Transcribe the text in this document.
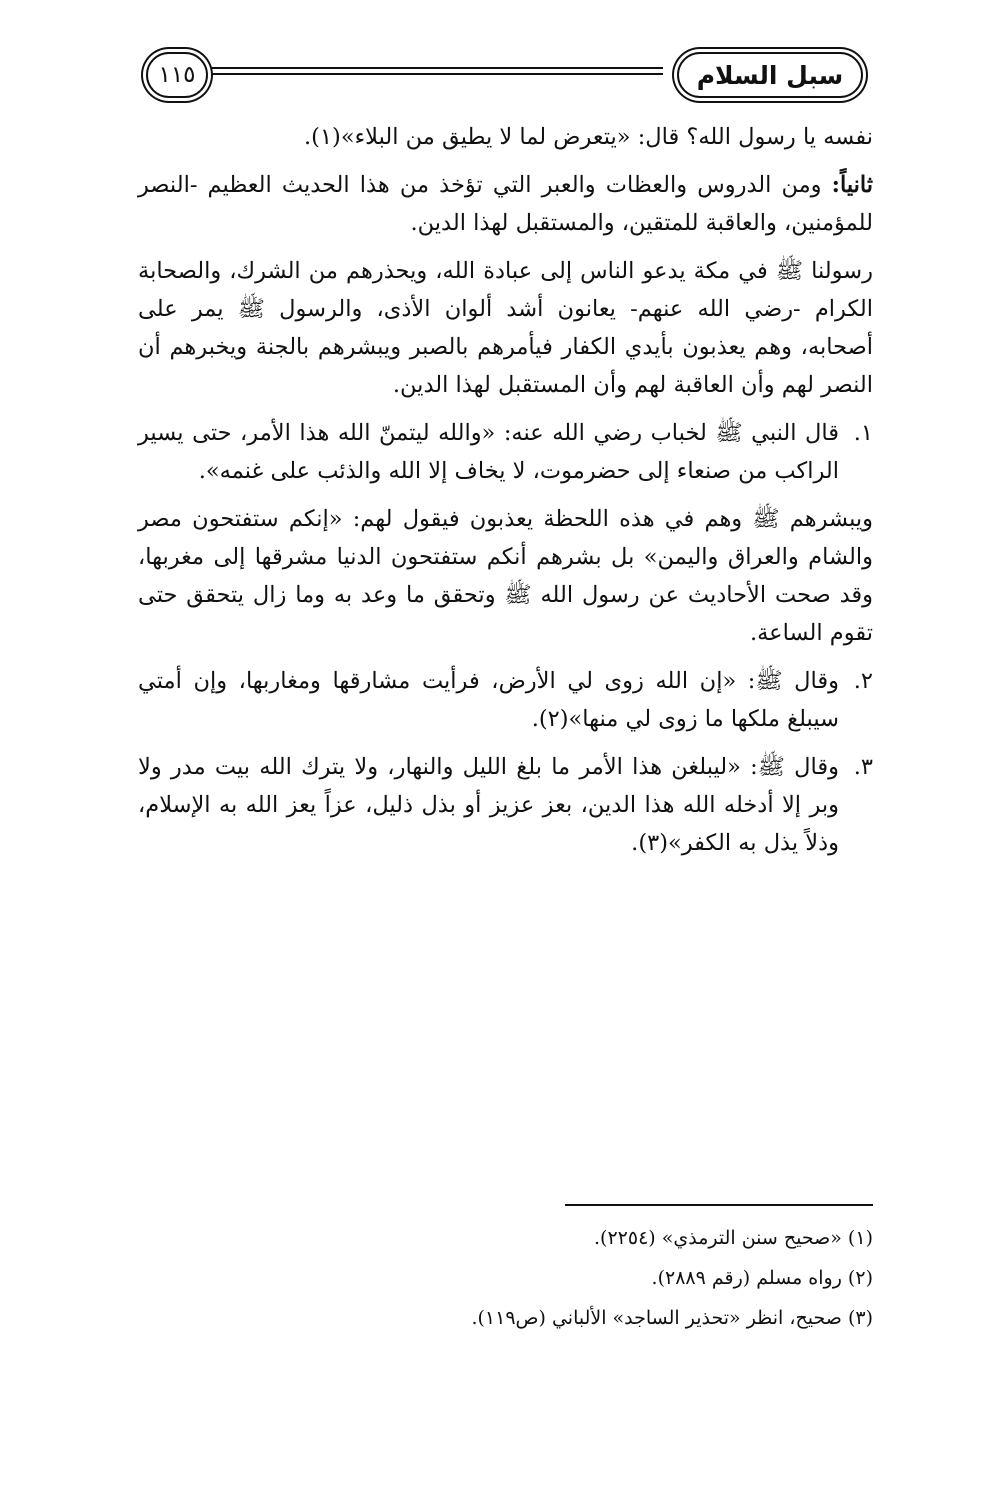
سبل السلام
١١٥

نفسه يا رسول الله؟ قال: «يتعرض لما لا يطيق من البلاء»(١).

ثانياً: ومن الدروس والعظات والعبر التي تؤخذ من هذا الحديث العظيم -النصر للمؤمنين، والعاقبة للمتقين، والمستقبل لهذا الدين.

رسولنا ﷺ في مكة يدعو الناس إلى عبادة الله، ويحذرهم من الشرك، والصحابة الكرام -رضي الله عنهم- يعانون أشد ألوان الأذى، والرسول ﷺ يمر على أصحابه، وهم يعذبون بأيدي الكفار فيأمرهم بالصبر ويبشرهم بالجنة ويخبرهم أن النصر لهم وأن العاقبة لهم وأن المستقبل لهذا الدين.

١.
قال النبي ﷺ لخباب رضي الله عنه: «والله ليتمنّ الله هذا الأمر، حتى يسير الراكب من صنعاء إلى حضرموت، لا يخاف إلا الله والذئب على غنمه».

ويبشرهم ﷺ وهم في هذه اللحظة يعذبون فيقول لهم: «إنكم ستفتحون مصر والشام والعراق واليمن» بل بشرهم أنكم ستفتحون الدنيا مشرقها إلى مغربها، وقد صحت الأحاديث عن رسول الله ﷺ وتحقق ما وعد به وما زال يتحقق حتى تقوم الساعة.

٢.
وقال ﷺ: «إن الله زوى لي الأرض، فرأيت مشارقها ومغاربها، وإن أمتي سيبلغ ملكها ما زوى لي منها»(٢).
٣.
وقال ﷺ: «ليبلغن هذا الأمر ما بلغ الليل والنهار، ولا يترك الله بيت مدر ولا وبر إلا أدخله الله هذا الدين، بعز عزيز أو بذل ذليل، عزاً يعز الله به الإسلام، وذلاً يذل به الكفر»(٣).
(١) «صحيح سنن الترمذي» (٢٢٥٤).
(٢) رواه مسلم (رقم ٢٨٨٩).
(٣) صحيح، انظر «تحذير الساجد» الألباني (ص١١٩).
